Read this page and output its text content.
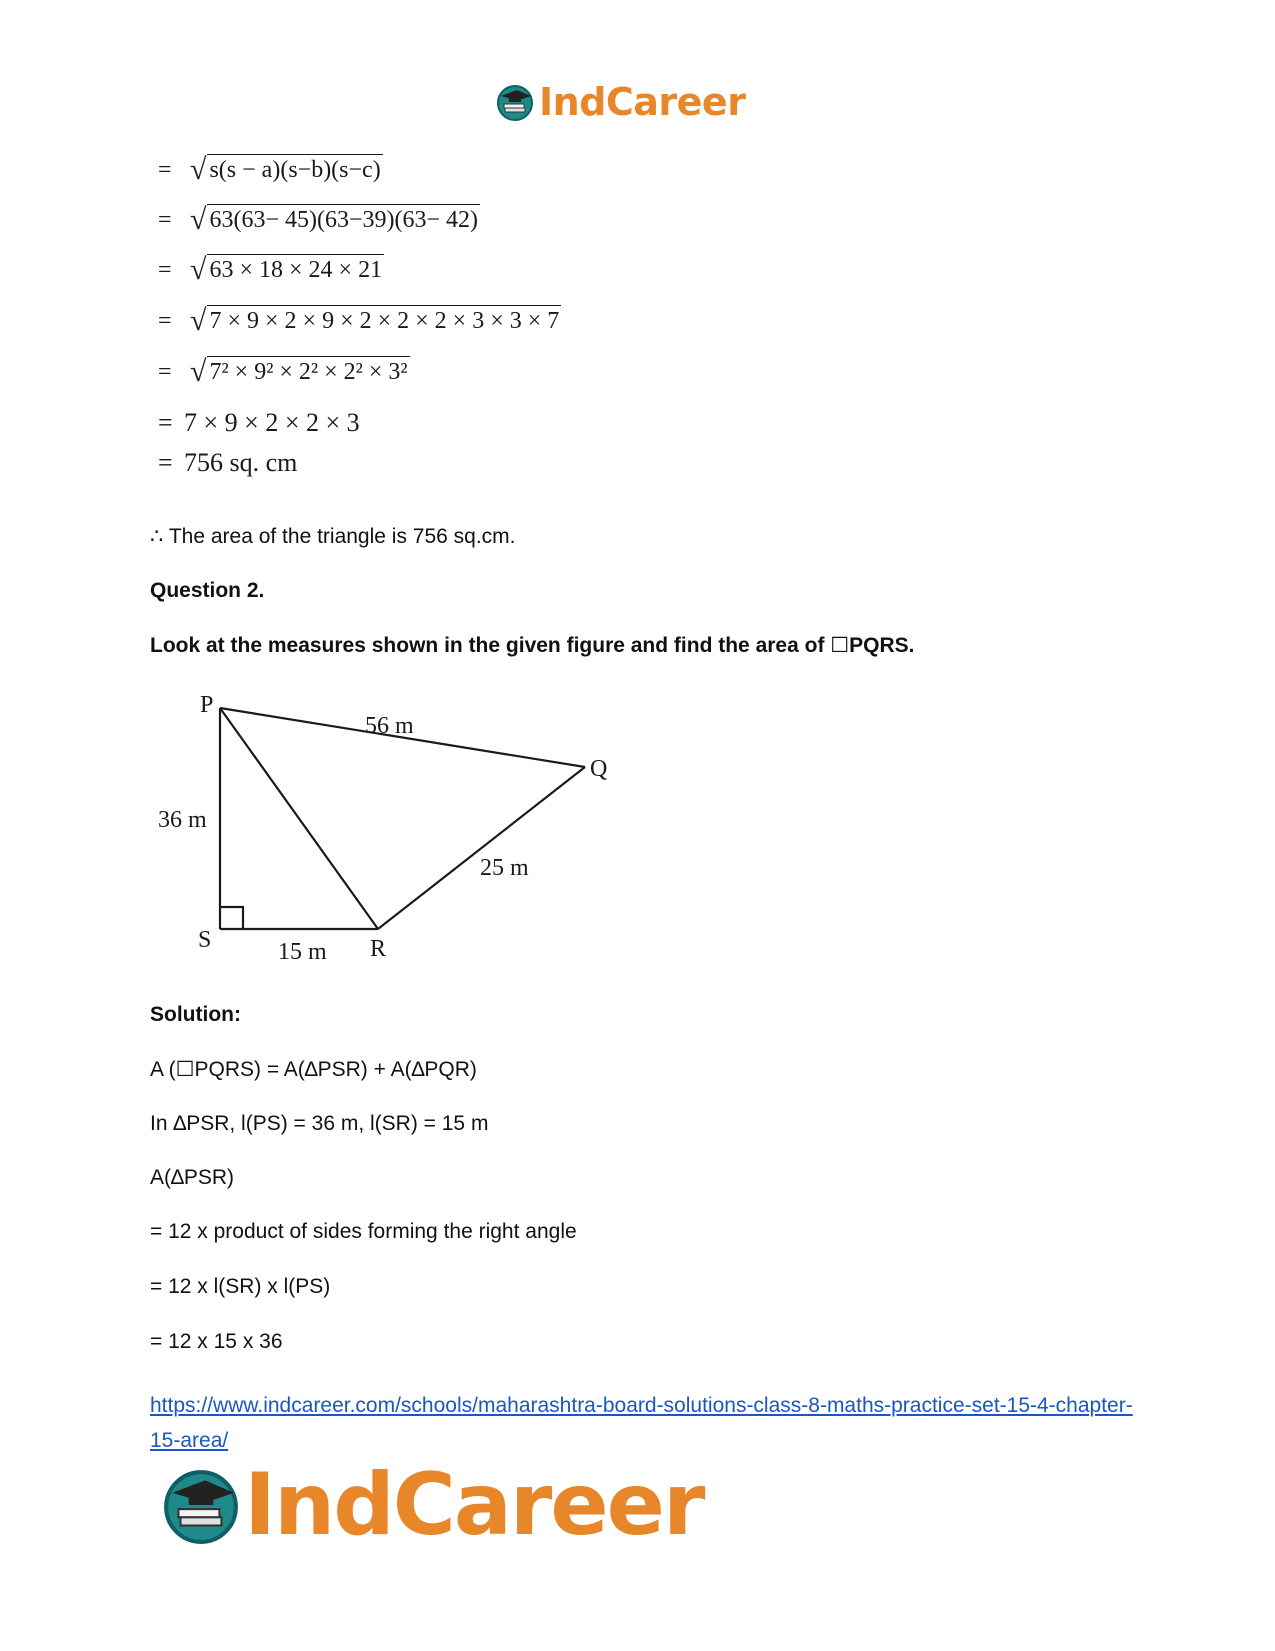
IndCareer
= √ s(s − a)(s−b)(s−c)
= √ 63(63− 45)(63−39)(63− 42)
= √ 63 × 18 × 24 × 21
= √ 7 × 9 × 2 × 9 × 2 × 2 × 2 × 3 × 3 × 7
= √ 7² × 9² × 2² × 2² × 3²
= 7 × 9 × 2 × 2 × 3
= 756 sq. cm
∴ The area of the triangle is 756 sq.cm.
Question 2.
Look at the measures shown in the given figure and find the area of ☐PQRS.
P
Q
R
S
56 m
36 m
25 m
15 m
Solution:
A (☐PQRS) = A(∆PSR) + A(∆PQR)
In ∆PSR, l(PS) = 36 m, l(SR) = 15 m
A(∆PSR)
= 12 x product of sides forming the right angle
= 12 x l(SR) x l(PS)
= 12 x 15 x 36
https://www.indcareer.com/schools/maharashtra-board-solutions-class-8-maths-practice-set-15-4-chapter-15-area/
IndCareer
